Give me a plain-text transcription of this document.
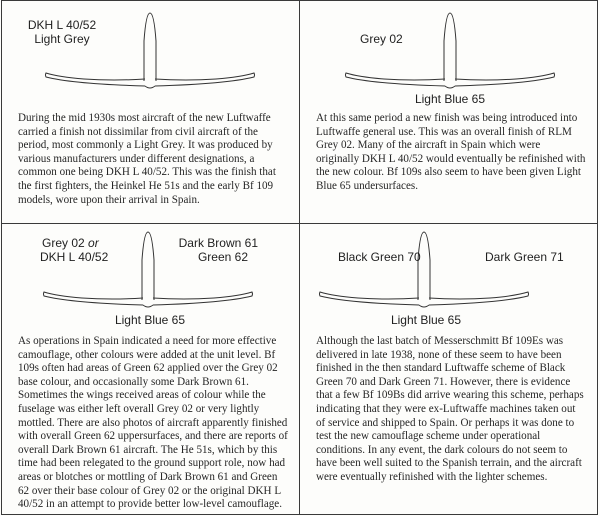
DKH L 40/52
Light Grey

During the mid 1930s most aircraft of the new Luftwaffe carried a finish not dissimilar from civil aircraft of the period, most commonly a Light Grey. It was produced by various manufacturers under different designations, a common one being DKH L 40/52. This was the finish that the first fighters, the Heinkel He 51s and the early Bf 109 models, wore upon their arrival in Spain.

Grey 02
Light Blue 65

At this same period a new finish was being introduced into Luftwaffe general use. This was an overall finish of RLM Grey 02. Many of the aircraft in Spain which were originally DKH L 40/52 would eventually be refinished with the new colour. Bf 109s also seem to have been given Light Blue 65 undersurfaces.

Grey 02 or
DKH L 40/52
Dark Brown 61
Green 62
Light Blue 65

As operations in Spain indicated a need for more effective camouflage, other colours were added at the unit level. Bf 109s often had areas of Green 62 applied over the Grey 02 base colour, and occasionally some Dark Brown 61. Sometimes the wings received areas of colour while the fuselage was either left overall Grey 02 or very lightly mottled. There are also photos of aircraft apparently finished with overall Green 62 uppersurfaces, and there are reports of overall Dark Brown 61 aircraft. The He 51s, which by this time had been relegated to the ground support role, now had areas or blotches or mottling of Dark Brown 61 and Green 62 over their base colour of Grey 02 or the original DKH L 40/52 in an attempt to provide better low-level camouflage.

Black Green 70	Dark Green 71
Light Blue 65

Although the last batch of Messerschmitt Bf 109Es was delivered in late 1938, none of these seem to have been finished in the then standard Luftwaffe scheme of Black Green 70 and Dark Green 71. However, there is evidence that a few Bf 109Bs did arrive wearing this scheme, perhaps indicating that they were ex-Luftwaffe machines taken out of service and shipped to Spain. Or perhaps it was done to test the new camouflage scheme under operational conditions. In any event, the dark colours do not seem to have been well suited to the Spanish terrain, and the aircraft were eventually refinished with the lighter schemes.
